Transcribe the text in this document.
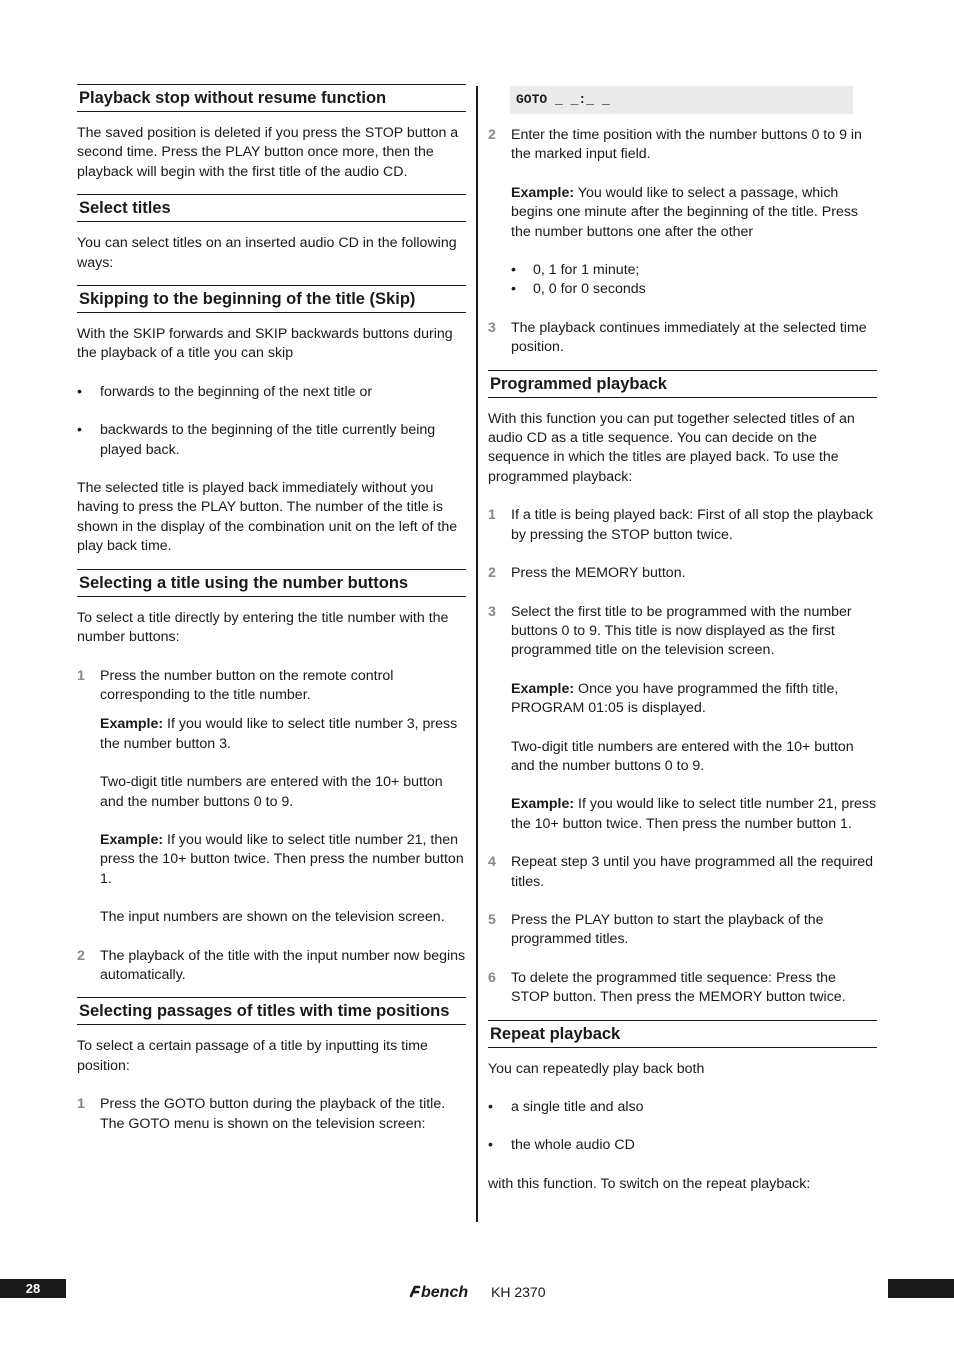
Playback stop without resume function

The saved position is deleted if you press the STOP button a second time. Press the PLAY button once more, then the playback will begin with the first title of the audio CD.

Select titles

You can select titles on an inserted audio CD in the following ways:

Skipping to the beginning of the title (Skip)

With the SKIP forwards and SKIP backwards buttons during the playback of a title you can skip

•	forwards to the beginning of the next title or
•	backwards to the beginning of the title currently being played back.

The selected title is played back immediately without you having to press the PLAY button. The number of the title is shown in the display of the combination unit on the left of the play back time.

Selecting a title using the number buttons

To select a title directly by entering the title number with the number buttons:

1	Press the number button on the remote control corresponding to the title number.

Example: If you would like to select title number 3, press the number button 3.

Two-digit title numbers are entered with the 10+ button and the number buttons 0 to 9.

Example: If you would like to select title number 21, then press the 10+ button twice. Then press the number button 1.

The input numbers are shown on the television screen.

2	The playback of the title with the input number now begins automatically.
Selecting passages of titles with time positions

To select a certain passage of a title by inputting its time position:

1	Press the GOTO button during the playback of the title. The GOTO menu is shown on the television screen:
GOTO _ _:_ _
2	Enter the time position with the number buttons 0 to 9 in the marked input field.

Example: You would like to select a passage, which begins one minute after the beginning of the title. Press the number buttons one after the other

•	0, 1 for 1 minute;
•	0, 0 for 0 seconds
3	The playback continues immediately at the selected time position.
Programmed playback

With this function you can put together selected titles of an audio CD as a title sequence. You can decide on the sequence in which the titles are played back. To use the programmed playback:

1	If a title is being played back: First of all stop the playback by pressing the STOP button twice.
2	Press the MEMORY button.
3	Select the first title to be programmed with the number buttons 0 to 9. This title is now displayed as the first programmed title on the television screen.

Example: Once you have programmed the fifth title, PROGRAM 01:05 is displayed.

Two-digit title numbers are entered with the 10+ button and the number buttons 0 to 9.

Example: If you would like to select title number 21, press the 10+ button twice. Then press the number button 1.

4	Repeat step 3 until you have programmed all the required titles.
5	Press the PLAY button to start the playback of the programmed titles.
6	To delete the programmed title sequence: Press the STOP button. Then press the MEMORY button twice.
Repeat playback

You can repeatedly play back both

•	a single title and also
•	the whole audio CD

with this function. To switch on the repeat playback:

28	bench KH 2370
